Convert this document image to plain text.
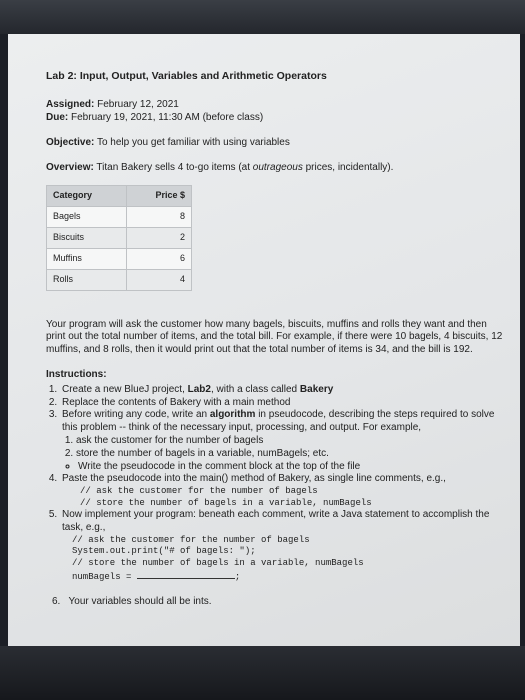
Lab 2: Input, Output, Variables and Arithmetic Operators

Assigned: February 12, 2021

Due: February 19, 2021, 11:30 AM (before class)

Objective: To help you get familiar with using variables

Overview: Titan Bakery sells 4 to-go items (at outrageous prices, incidentally).

Category	Price $
Bagels	8
Biscuits	2
Muffins	6
Rolls	4

Your program will ask the customer how many bagels, biscuits, muffins and rolls they want and then print out the total number of items, and the total bill. For example, if there were 10 bagels, 4 biscuits, 12 muffins, and 8 rolls, then it would print out that the total number of items is 34, and the bill is 192.

Instructions:

1. Create a new BlueJ project, Lab2, with a class called Bakery
2. Replace the contents of Bakery with a main method
3. Before writing any code, write an algorithm in pseudocode, describing the steps required to solve this problem -- think of the necessary input, processing, and output. For example,
1. ask the customer for the number of bagels
2. store the number of bagels in a variable, numBagels; etc.
◦ Write the pseudocode in the comment block at the top of the file
4. Paste the pseudocode into the main() method of Bakery, as single line comments, e.g.,
// ask the customer for the number of bagels
// store the number of bagels in a variable, numBagels
5. Now implement your program: beneath each comment, write a Java statement to accomplish the task, e.g.,
// ask the customer for the number of bagels
System.out.print("# of bagels: ");
// store the number of bagels in a variable, numBagels
numBagels =	;

6.   Your variables should all be ints.
